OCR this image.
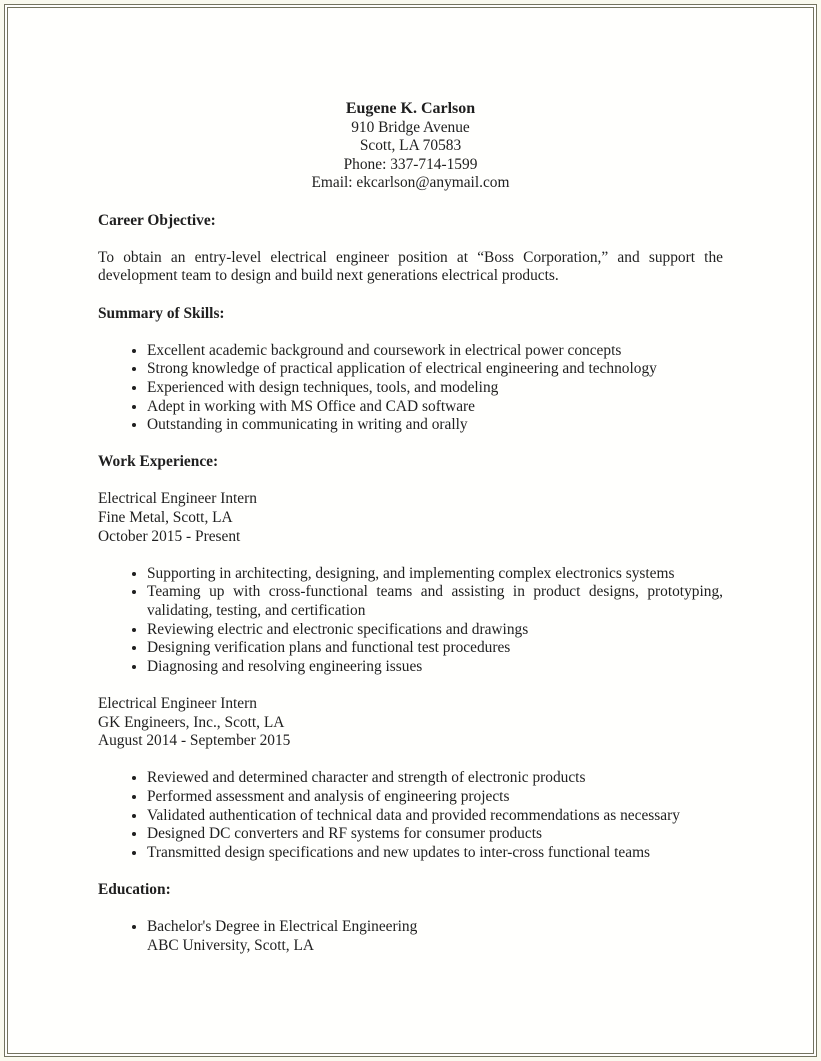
Eugene K. Carlson
910 Bridge Avenue
Scott, LA 70583
Phone: 337-714-1599
Email: ekcarlson@anymail.com
Career Objective:

To obtain an entry-level electrical engineer position at “Boss Corporation,” and support the development team to design and build next generations electrical products.

Summary of Skills:
• Excellent academic background and coursework in electrical power concepts
• Strong knowledge of practical application of electrical engineering and technology
• Experienced with design techniques, tools, and modeling
• Adept in working with MS Office and CAD software
• Outstanding in communicating in writing and orally
Work Experience:
Electrical Engineer Intern
Fine Metal, Scott, LA
October 2015 - Present
• Supporting in architecting, designing, and implementing complex electronics systems
• Teaming up with cross-functional teams and assisting in product designs, prototyping, validating, testing, and certification
• Reviewing electric and electronic specifications and drawings
• Designing verification plans and functional test procedures
• Diagnosing and resolving engineering issues
Electrical Engineer Intern
GK Engineers, Inc., Scott, LA
August 2014 - September 2015
• Reviewed and determined character and strength of electronic products
• Performed assessment and analysis of engineering projects
• Validated authentication of technical data and provided recommendations as necessary
• Designed DC converters and RF systems for consumer products
• Transmitted design specifications and new updates to inter-cross functional teams
Education:
• Bachelor's Degree in Electrical Engineering
ABC University, Scott, LA
